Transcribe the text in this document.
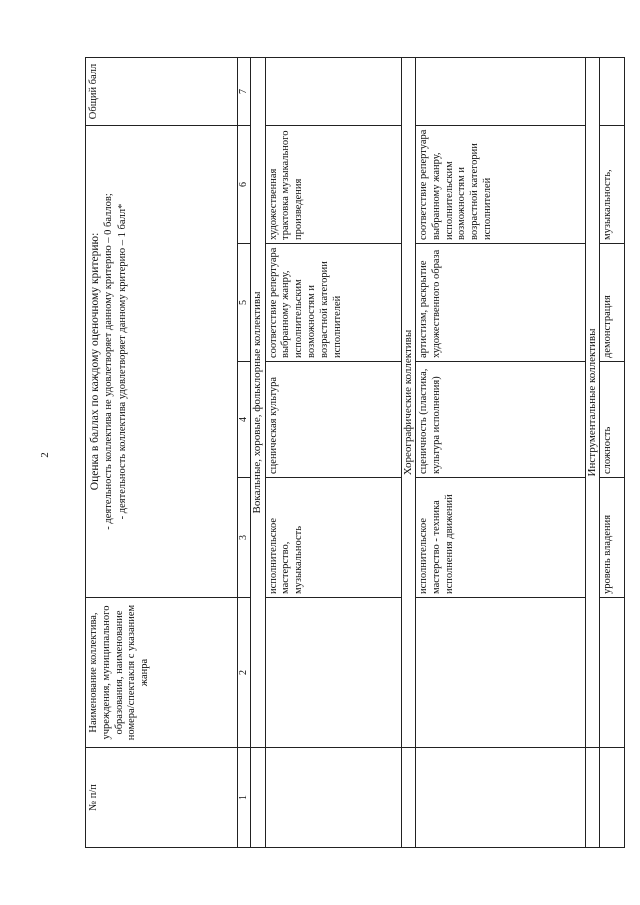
2
№ п/п	Наименование коллектива, учреждения, муниципального образования, наименование номера/спектакля с указанием жанра	Оценка в баллах по каждому оценочному критерию: - деятельность коллектива не удовлетворяет данному критерию – 0 баллов; - деятельность коллектива удовлетворяет данному критерию – 1 балл*				Общий балл
1	2	3	4	5	6	7
	Вокальные, хоровые, фольклорные коллективы					
		исполнительское мастерство, музыкальность	сценическая культура	соответствие репертуара выбранному жанру, исполнительским возможностям и возрастной категории исполнителей	художественная трактовка музыкального произведения	
	Хореографические коллективы					
		исполнительское мастерство - техника исполнения движений	сценичность (пластика, культура исполнения)	артистизм, раскрытие художественного образа	соответствие репертуара выбранному жанру, исполнительским возможностям и возрастной категории исполнителей	
	Инструментальные коллективы					
		уровень владения	сложность	демонстрация	музыкальность,	
